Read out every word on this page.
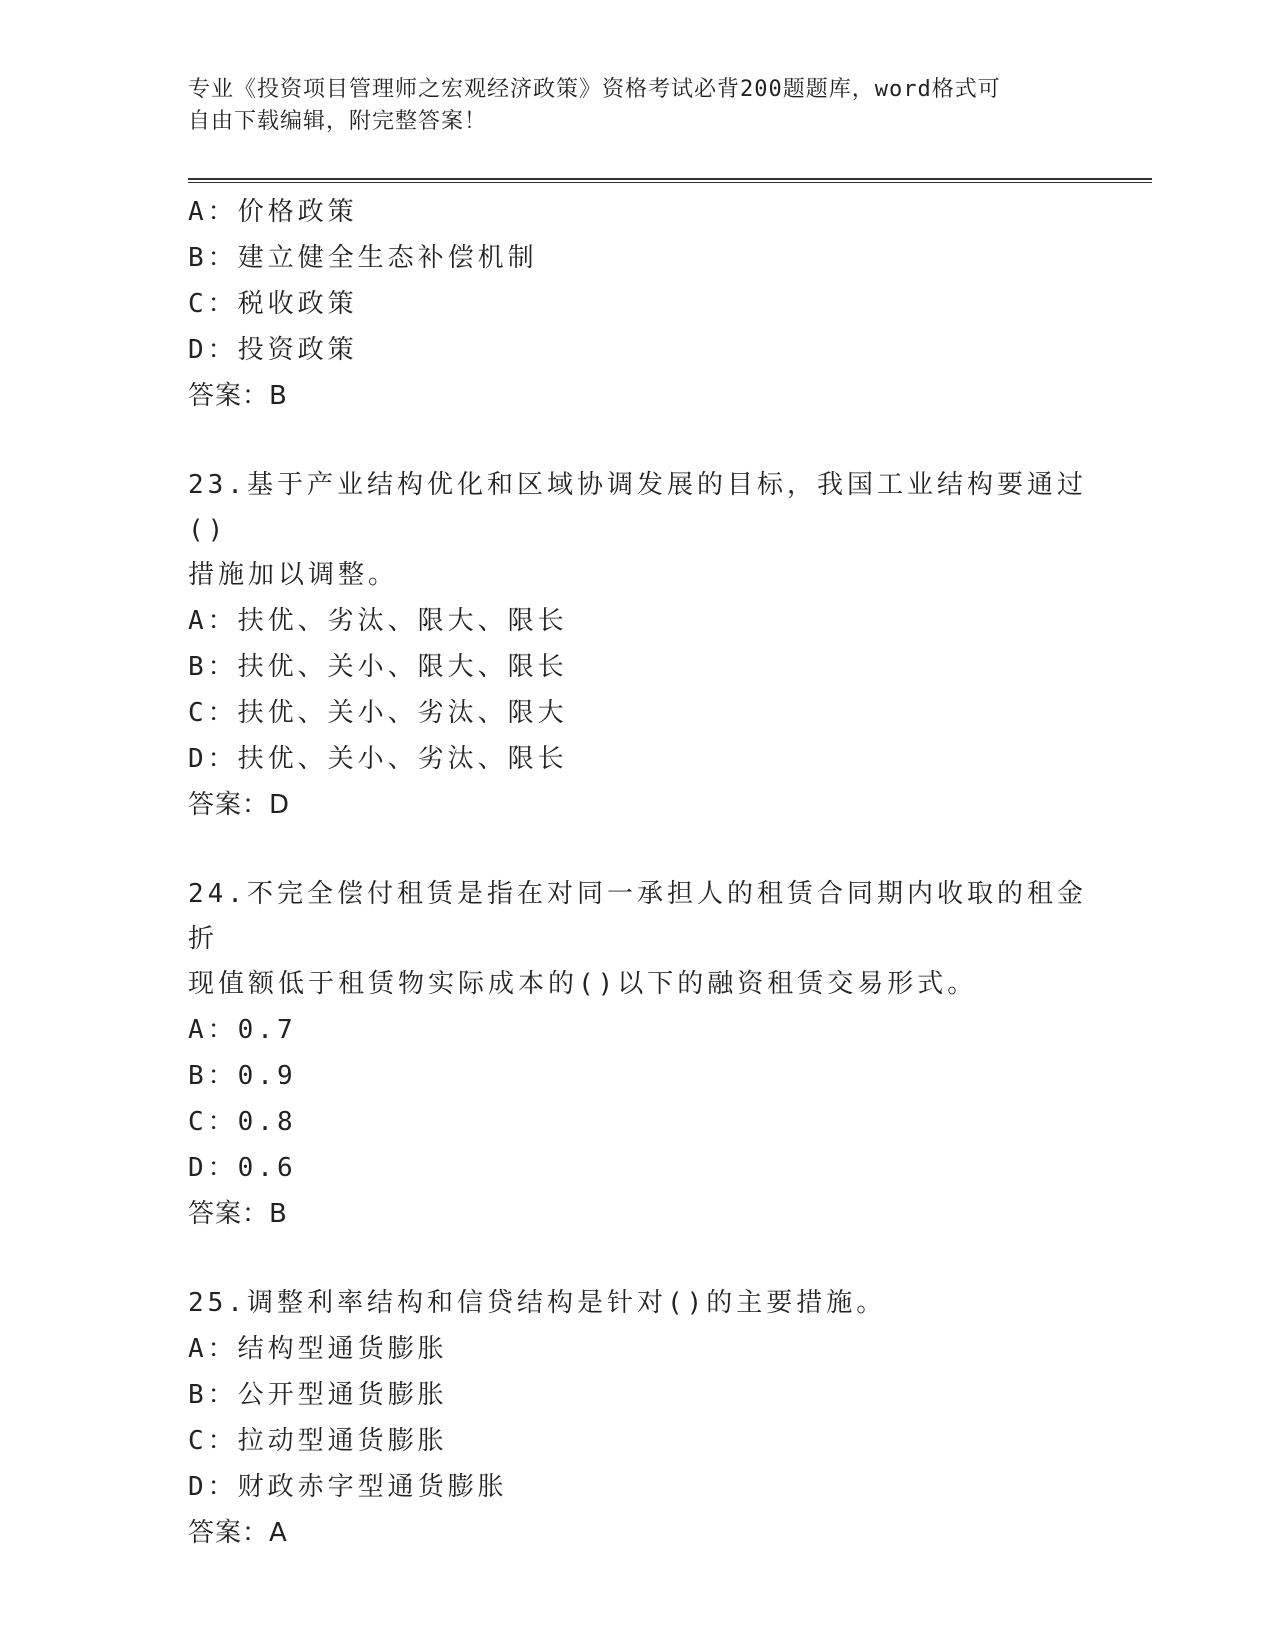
专业《投资项目管理师之宏观经济政策》资格考试必背200题题库，word格式可
自由下载编辑，附完整答案！
A：价格政策
B：建立健全生态补偿机制
C：税收政策
D：投资政策
答案：B
23.基于产业结构优化和区域协调发展的目标，我国工业结构要通过()
措施加以调整。
A：扶优、劣汰、限大、限长
B：扶优、关小、限大、限长
C：扶优、关小、劣汰、限大
D：扶优、关小、劣汰、限长
答案：D
24.不完全偿付租赁是指在对同一承担人的租赁合同期内收取的租金折
现值额低于租赁物实际成本的()以下的融资租赁交易形式。
A：0.7
B：0.9
C：0.8
D：0.6
答案：B
25.调整利率结构和信贷结构是针对()的主要措施。
A：结构型通货膨胀
B：公开型通货膨胀
C：拉动型通货膨胀
D：财政赤字型通货膨胀
答案：A
